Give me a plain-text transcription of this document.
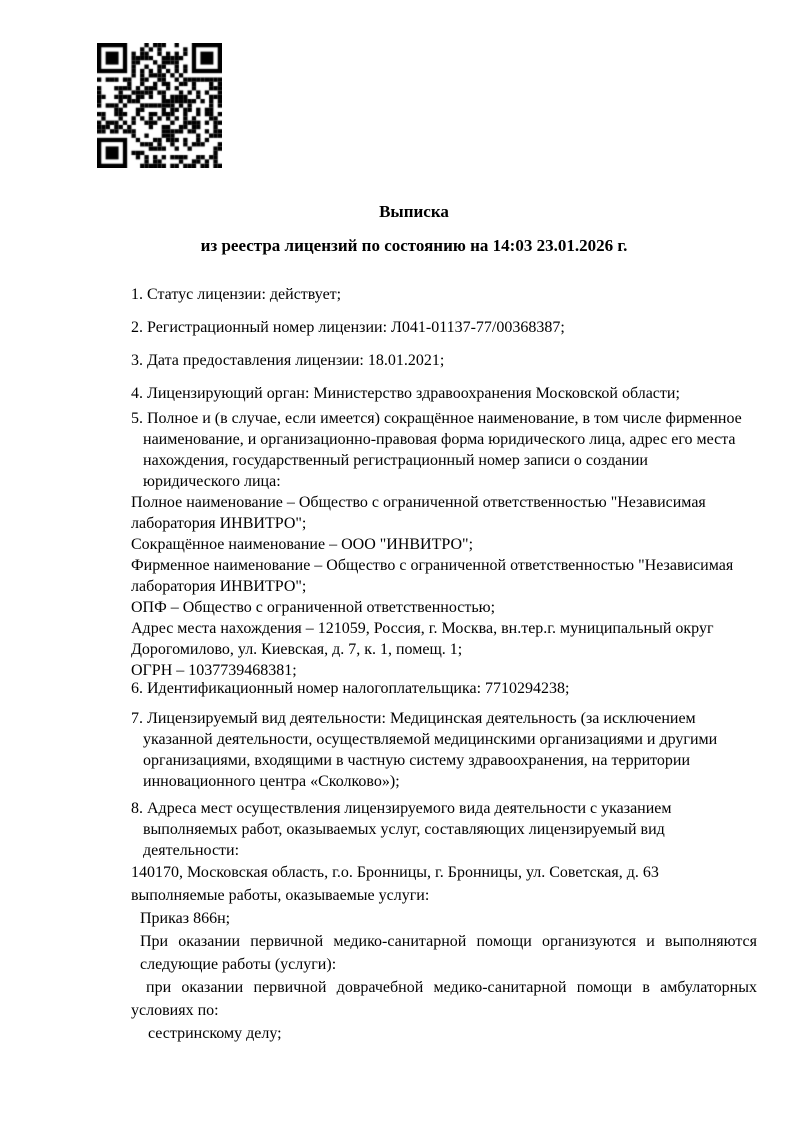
Выписка
из реестра лицензий по состоянию на 14:03 23.01.2026 г.
1. Статус лицензии: действует;
2. Регистрационный номер лицензии: Л041-01137-77/00368387;
3. Дата предоставления лицензии: 18.01.2021;
4. Лицензирующий орган: Министерство здравоохранения Московской области;
5. Полное и (в случае, если имеется) сокращённое наименование, в том числе фирменное
наименование, и организационно-правовая форма юридического лица, адрес его места
нахождения, государственный регистрационный номер записи о создании
юридического лица:
Полное наименование – Общество с ограниченной ответственностью "Независимая
лаборатория ИНВИТРО";
Сокращённое наименование – ООО "ИНВИТРО";
Фирменное наименование – Общество с ограниченной ответственностью "Независимая
лаборатория ИНВИТРО";
ОПФ – Общество с ограниченной ответственностью;
Адрес места нахождения – 121059, Россия, г. Москва, вн.тер.г. муниципальный округ
Дорогомилово, ул. Киевская, д. 7, к. 1, помещ. 1;
ОГРН – 1037739468381;
6. Идентификационный номер налогоплательщика: 7710294238;
7. Лицензируемый вид деятельности: Медицинская деятельность (за исключением
указанной деятельности, осуществляемой медицинскими организациями и другими
организациями, входящими в частную систему здравоохранения, на территории
инновационного центра «Сколково»);
8. Адреса мест осуществления лицензируемого вида деятельности с указанием
выполняемых работ, оказываемых услуг, составляющих лицензируемый вид
деятельности:
140170, Московская область, г.о. Бронницы, г. Бронницы, ул. Советская, д. 63
выполняемые работы, оказываемые услуги:
Приказ 866н;
При оказании первичной медико-санитарной помощи организуются и выполняются
следующие работы (услуги):
при оказании первичной доврачебной медико-санитарной помощи в амбулаторных
условиях по:
сестринскому делу;
